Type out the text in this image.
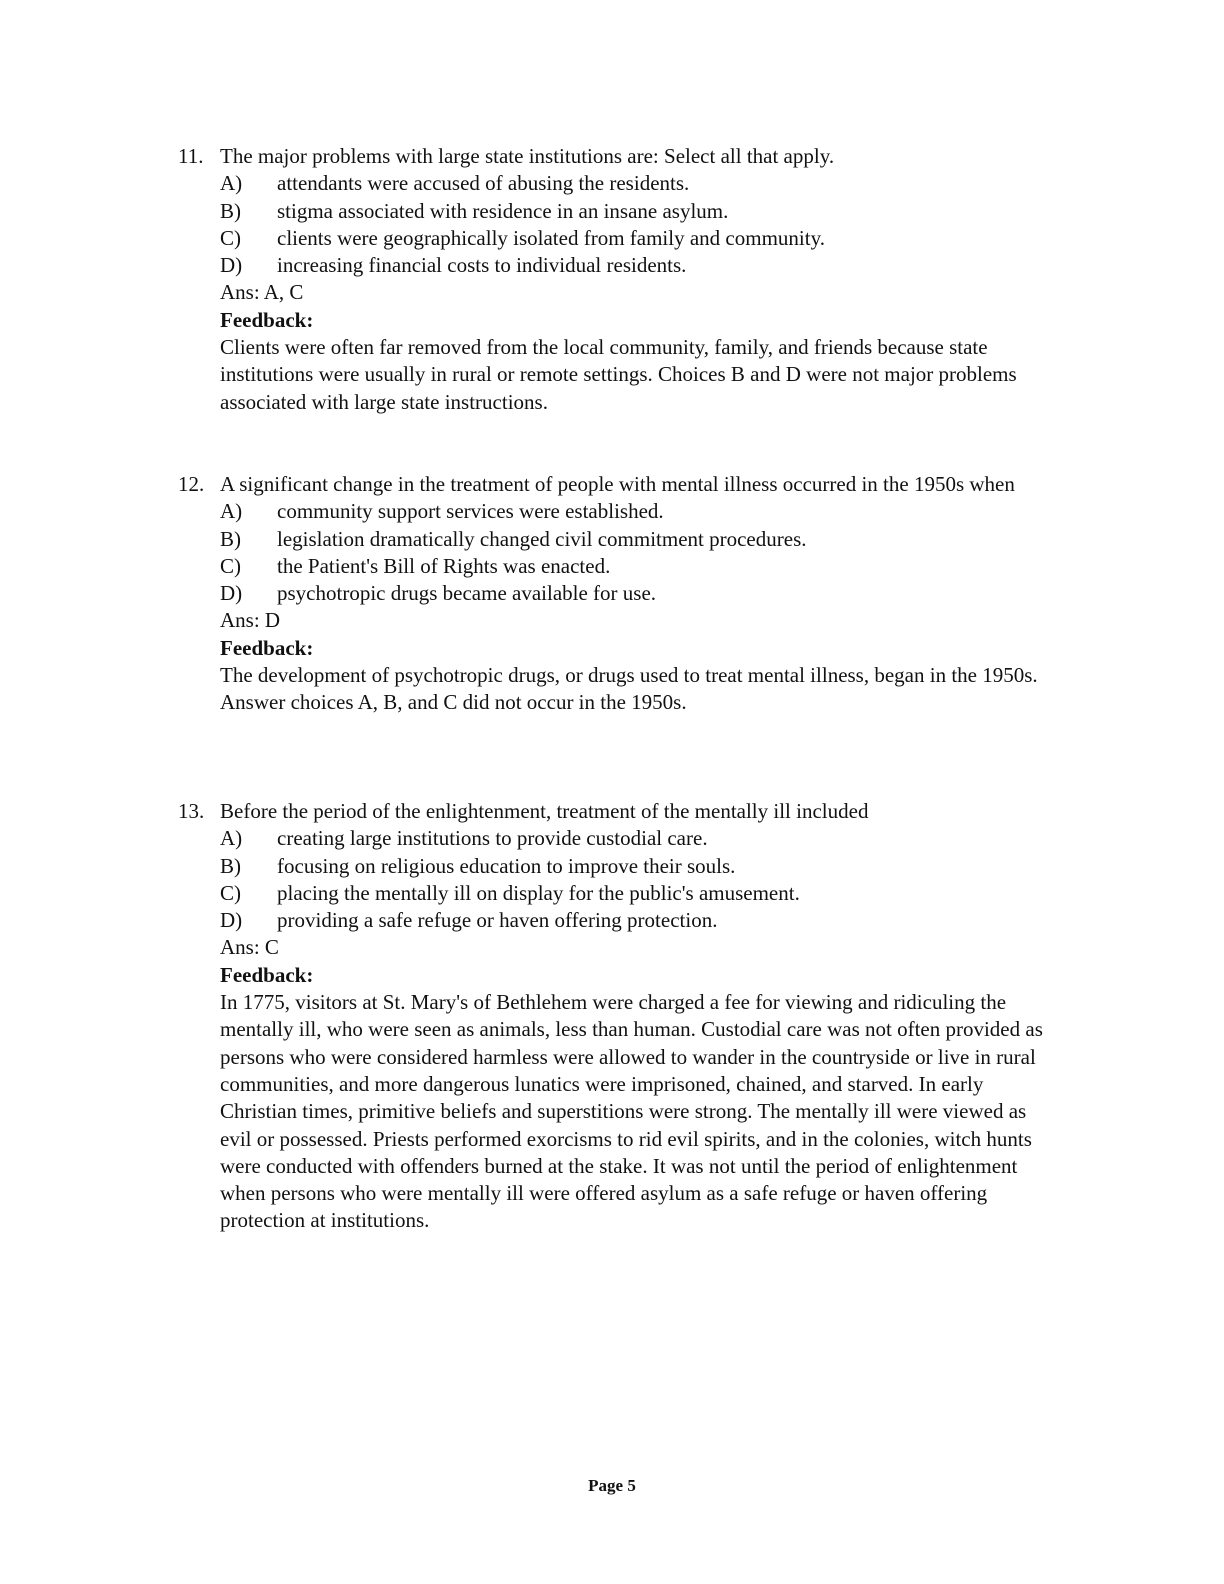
11. The major problems with large state institutions are: Select all that apply.
A)	attendants were accused of abusing the residents.
B)	stigma associated with residence in an insane asylum.
C)	clients were geographically isolated from family and community.
D)	increasing financial costs to individual residents.
Ans: A, C
Feedback:
Clients were often far removed from the local community, family, and friends because state institutions were usually in rural or remote settings. Choices B and D were not major problems associated with large state instructions.
12. A significant change in the treatment of people with mental illness occurred in the 1950s when
A)	community support services were established.
B)	legislation dramatically changed civil commitment procedures.
C)	the Patient's Bill of Rights was enacted.
D)	psychotropic drugs became available for use.
Ans: D
Feedback:
The development of psychotropic drugs, or drugs used to treat mental illness, began in the 1950s. Answer choices A, B, and C did not occur in the 1950s.
13. Before the period of the enlightenment, treatment of the mentally ill included
A)	creating large institutions to provide custodial care.
B)	focusing on religious education to improve their souls.
C)	placing the mentally ill on display for the public's amusement.
D)	providing a safe refuge or haven offering protection.
Ans: C
Feedback:
In 1775, visitors at St. Mary's of Bethlehem were charged a fee for viewing and ridiculing the mentally ill, who were seen as animals, less than human. Custodial care was not often provided as persons who were considered harmless were allowed to wander in the countryside or live in rural communities, and more dangerous lunatics were imprisoned, chained, and starved. In early Christian times, primitive beliefs and superstitions were strong. The mentally ill were viewed as evil or possessed. Priests performed exorcisms to rid evil spirits, and in the colonies, witch hunts were conducted with offenders burned at the stake. It was not until the period of enlightenment when persons who were mentally ill were offered asylum as a safe refuge or haven offering protection at institutions.
Page 5
